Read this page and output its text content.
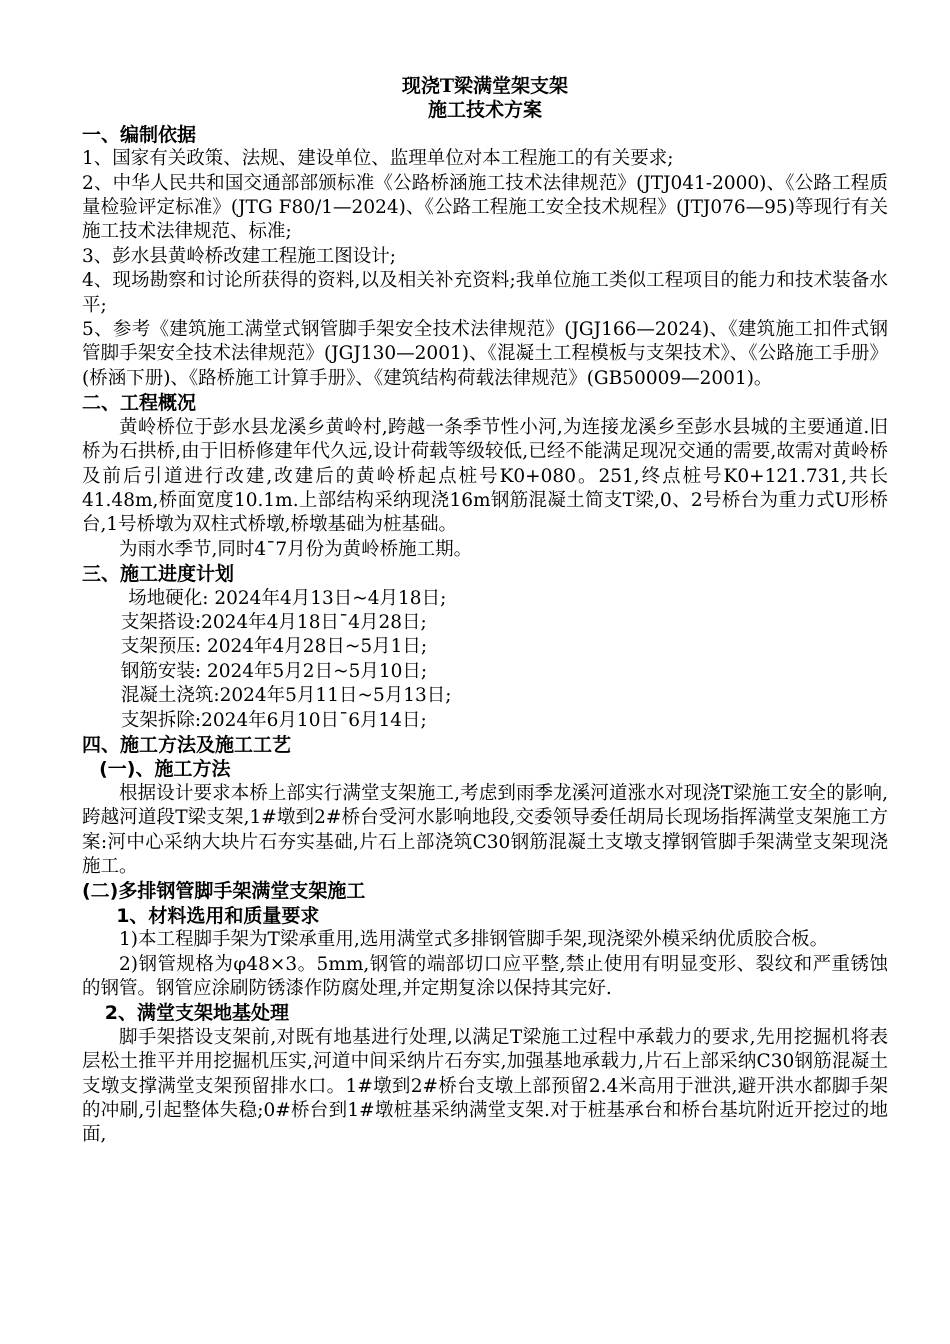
现浇T梁满堂架支架
施工技术方案
一、编制依据

1、国家有关政策、法规、建设单位、监理单位对本工程施工的有关要求;

2、中华人民共和国交通部部颁标准《公路桥涵施工技术法律规范》(JTJ041-2000)、《公路工程质量检验评定标准》(JTG F80/1—2024)、《公路工程施工安全技术规程》(JTJ076—95)等现行有关施工技术法律规范、标准;

3、彭水县黄岭桥改建工程施工图设计;

4、现场勘察和讨论所获得的资料,以及相关补充资料;我单位施工类似工程项目的能力和技术装备水平;

5、参考《建筑施工满堂式钢管脚手架安全技术法律规范》(JGJ166—2024)、《建筑施工扣件式钢管脚手架安全技术法律规范》(JGJ130—2001)、《混凝土工程模板与支架技术》、《公路施工手册》(桥涵下册)、《路桥施工计算手册》、《建筑结构荷载法律规范》(GB50009—2001)。

二、工程概况

黄岭桥位于彭水县龙溪乡黄岭村,跨越一条季节性小河,为连接龙溪乡至彭水县城的主要通道.旧桥为石拱桥,由于旧桥修建年代久远,设计荷载等级较低,已经不能满足现况交通的需要,故需对黄岭桥及前后引道进行改建,改建后的黄岭桥起点桩号K0+080。251,终点桩号K0+121.731,共长41.48m,桥面宽度10.1m.上部结构采纳现浇16m钢筋混凝土简支T梁,0、2号桥台为重力式U形桥台,1号桥墩为双柱式桥墩,桥墩基础为桩基础。

为雨水季节,同时4¯7月份为黄岭桥施工期。

三、施工进度计划
场地硬化: 2024年4月13日~4月18日;
支架搭设:2024年4月18日¯4月28日;
支架预压: 2024年4月28日~5月1日;
钢筋安装: 2024年5月2日~5月10日;
混凝土浇筑:2024年5月11日~5月13日;
支架拆除:2024年6月10日¯6月14日;
四、施工方法及施工工艺
(一)、施工方法

根据设计要求本桥上部实行满堂支架施工,考虑到雨季龙溪河道涨水对现浇T梁施工安全的影响,跨越河道段T梁支架,1#墩到2#桥台受河水影响地段,交委领导委任胡局长现场指挥满堂支架施工方案:河中心采纳大块片石夯实基础,片石上部浇筑C30钢筋混凝土支墩支撑钢管脚手架满堂支架现浇施工。

(二)多排钢管脚手架满堂支架施工
1、材料选用和质量要求

1)本工程脚手架为T梁承重用,选用满堂式多排钢管脚手架,现浇梁外模采纳优质胶合板。

2)钢管规格为φ48×3。5mm,钢管的端部切口应平整,禁止使用有明显变形、裂纹和严重锈蚀的钢管。钢管应涂刷防锈漆作防腐处理,并定期复涂以保持其完好.

2、满堂支架地基处理

脚手架搭设支架前,对既有地基进行处理,以满足T梁施工过程中承载力的要求,先用挖掘机将表层松土推平并用挖掘机压实,河道中间采纳片石夯实,加强基地承载力,片石上部采纳C30钢筋混凝土支墩支撑满堂支架预留排水口。1#墩到2#桥台支墩上部预留2.4米高用于泄洪,避开洪水都脚手架的冲刷,引起整体失稳;0#桥台到1#墩桩基采纳满堂支架.对于桩基承台和桥台基坑附近开挖过的地面,
